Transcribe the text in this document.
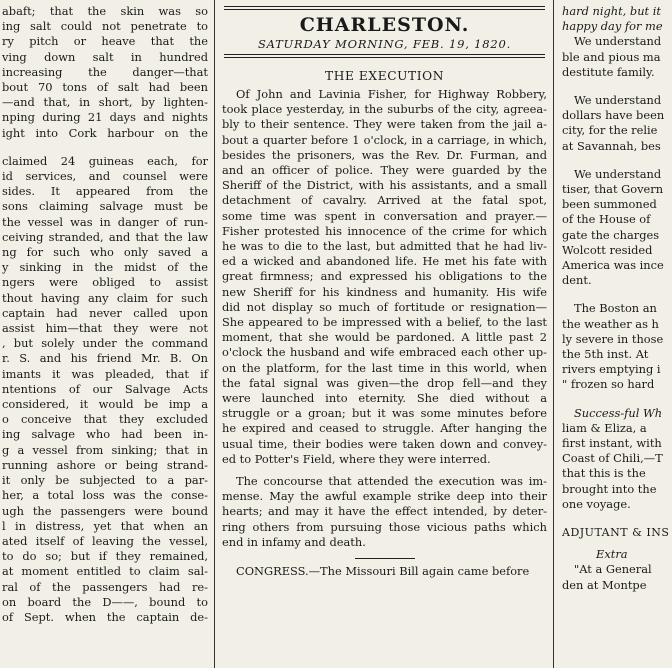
abaft; that the skin was so
ing salt could not penetrate to
ry pitch or heave that the
ving down salt in hundred
increasing the danger—that
bout 70 tons of salt had been
—and that, in short, by lighten-
nping during 21 days and nights
ight into Cork harbour on the
claimed 24 guineas each, for
id services, and counsel were
sides. It appeared from the
sons claiming salvage must be
the vessel was in danger of run-
ceiving stranded, and that the law
ng for such who only saved a
y sinking in the midst of the
ngers were obliged to assist
thout having any claim for such
captain had never called upon
assist him—that they were not
, but solely under the command
r. S. and his friend Mr. B. On
imants it was pleaded, that if
ntentions of our Salvage Acts
considered, it would be imp a
o conceive that they excluded
ing salvage who had been in-
g a vessel from sinking; that in
running ashore or being strand-
it only be subjected to a par-
her, a total loss was the conse-
ugh the passengers were bound
l in distress, yet that when an
ated itself of leaving the vessel,
to do so; but if they remained,
at moment entitled to claim sal-
ral of the passengers had re-
on board the D——, bound to
of Sept. when the captain de-
CHARLESTON.
SATURDAY MORNING, FEB. 19, 1820.
THE EXECUTION
Of John and Lavinia Fisher, for Highway Robbery,
took place yesterday, in the suburbs of the city, agreea-
bly to their sentence. They were taken from the jail a-
bout a quarter before 1 o'clock, in a carriage, in which,
besides the prisoners, was the Rev. Dr. Furman, and
and an officer of police. They were guarded by the
Sheriff of the District, with his assistants, and a small
detachment of cavalry. Arrived at the fatal spot,
some time was spent in conversation and prayer.—
Fisher protested his innocence of the crime for which
he was to die to the last, but admitted that he had liv-
ed a wicked and abandoned life. He met his fate with
great firmness; and expressed his obligations to the
new Sheriff for his kindness and humanity. His wife
did not display so much of fortitude or resignation—
She appeared to be impressed with a belief, to the last
moment, that she would be pardoned. A little past 2
o'clock the husband and wife embraced each other up-
on the platform, for the last time in this world, when
the fatal signal was given—the drop fell—and they
were launched into eternity. She died without a
struggle or a groan; but it was some minutes before
he expired and ceased to struggle. After hanging the
usual time, their bodies were taken down and convey-
ed to Potter's Field, where they were interred.
The concourse that attended the execution was im-
mense. May the awful example strike deep into their
hearts; and may it have the effect intended, by deter-
ring others from pursuing those vicious paths which
end in infamy and death.
CONGRESS.—The Missouri Bill again came before
hard night, but it
happy day for me
We understand
ble and pious ma
destitute family.
We understand
dollars have been
city, for the relie
at Savannah, bes
We understand
tiser, that Govern
been summoned
of the House of
gate the charges
Wolcott resided
America was ince
dent.
The Boston an
the weather as h
ly severe in those
the 5th inst. At
rivers emptying i
" frozen so hard
Success-ful Wh
liam & Eliza, a
first instant, with
Coast of Chili,—T
that this is the
brought into the
one voyage.
ADJUTANT & INS
Extra
"At a General
den at Montpe
